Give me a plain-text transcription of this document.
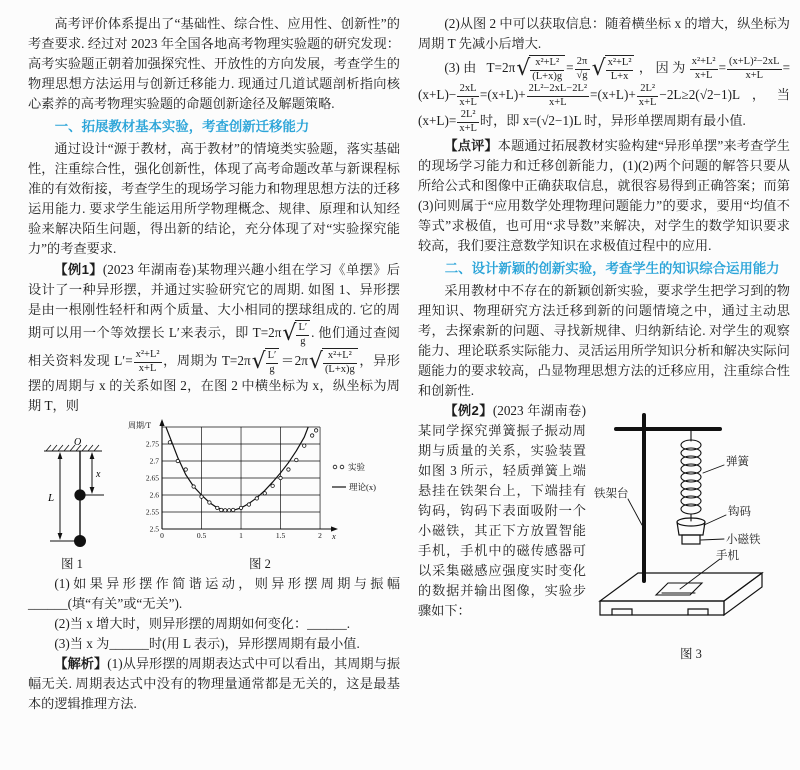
高考评价体系提出了“基础性、综合性、应用性、创新性”的考查要求. 经过对 2023 年全国各地高考物理实验题的研究发现：高考实验题正朝着加强探究性、开放性的方向发展，考查学生的物理思想方法运用与创新迁移能力. 现通过几道试题剖析指向核心素养的高考物理实验题的命题创新途径及解题策略.

一、拓展教材基本实验，考查创新迁移能力

通过设计“源于教材，高于教材”的情境类实验题，落实基础性，注重综合性，强化创新性，体现了高考命题改革与新课程标准的有效衔接，考查学生的现场学习能力和物理思想方法的迁移运用能力. 要求学生能运用所学物理概念、规律、原理和认知经验来解决陌生问题，得出新的结论，充分体现了对“实验探究能力”的考查要求.

【例1】(2023 年湖南卷)某物理兴趣小组在学习《单摆》后设计了一种异形摆，并通过实验研究它的周期. 如图 1、异形摆是由一根刚性轻杆和两个质量、大小相同的摆球组成的. 它的周期可以用一个等效摆长 L′来表示，即 T=2π √ $\frac{L'}{g}$ . 他们通过查阅相关资料发现 $L'= \frac{\text{x²+L²}}{x+L}$ ，周期为 T=2π √ $\frac{L'}{g} =2\pi$ √ $\frac{\text{x²+L²}}{(L+x)g}$ ，异形摆的周期与 x 的关系如图 2，在图 2 中横坐标为 x，纵坐标为周期 T，则

O
x
L
图 1
2.5
2.55
2.6
2.65
2.7
2.75
0	0.5	1	1.5	2
周期/T
x
实验
理论(x)
图 2

(1)如果异形摆作简谐运动，则异形摆周期与振幅______(填“有关”或“无关”).

(2)当 x 增大时，则异形摆的周期如何变化：______.

(3)当 x 为______时(用 L 表示)，异形摆周期有最小值.

【解析】(1)从异形摆的周期表达式中可以看出，其周期与振幅无关. 周期表达式中没有的物理量通常都是无关的，这是最基本的逻辑推理方法.

(2)从图 2 中可以获取信息：随着横坐标 x 的增大，纵坐标为周期 T 先减小后增大.

(3)由 T=2π √ $\frac{\text{x²+L²}}{(L+x)g} = \frac{2\pi}{√g}$ √ $\frac{\text{x²+L²}}{L+x}$ ，因为 $\frac{\text{x²+L²}}{x+L} = \frac{\text{(x+L)²−2xL}}{x+L} =(x+L)- \frac{2xL}{x+L} =(x+L)+ \frac{\text{2L²−2xL−2L²}}{x+L} =(x+L)+ \frac{\text{2L²}}{x+L} -2L\ge 2(√2-1)L$，当$(x+L)= \frac{\text{2L²}}{x+L}$ 时，即 x=(√2−1)L 时，异形单摆周期有最小值.

【点评】本题通过拓展教材实验构建“异形单摆”来考查学生的现场学习能力和迁移创新能力，(1)(2)两个问题的解答只要从所给公式和图像中正确获取信息，就很容易得到正确答案；而第(3)问则属于“应用数学处理物理问题能力”的要求，要用“均值不等式”求极值，也可用“求导数”来解决，对学生的数学知识要求较高，我们要注意数学知识在求极值过程中的应用.

二、设计新颖的创新实验，考查学生的知识综合运用能力

采用教材中不存在的新颖创新实验，要求学生把学习到的物理知识、物理研究方法迁移到新的问题情境之中，通过主动思考，去探索新的问题、寻找新规律、归纳新结论. 对学生的观察能力、理论联系实际能力、灵活运用所学知识分析和解决实际问题能力的要求较高，凸显物理思想方法的迁移应用，注重综合性和创新性.

铁架台
弹簧
钩码
小磁铁
手机
图 3

【例2】(2023 年湖南卷)某同学探究弹簧振子振动周期与质量的关系，实验装置如图 3 所示，轻质弹簧上端悬挂在铁架台上，下端挂有钩码，钩码下表面吸附一个小磁铁，其正下方放置智能手机，手机中的磁传感器可以采集磁感应强度实时变化的数据并输出图像，实验步骤如下：
